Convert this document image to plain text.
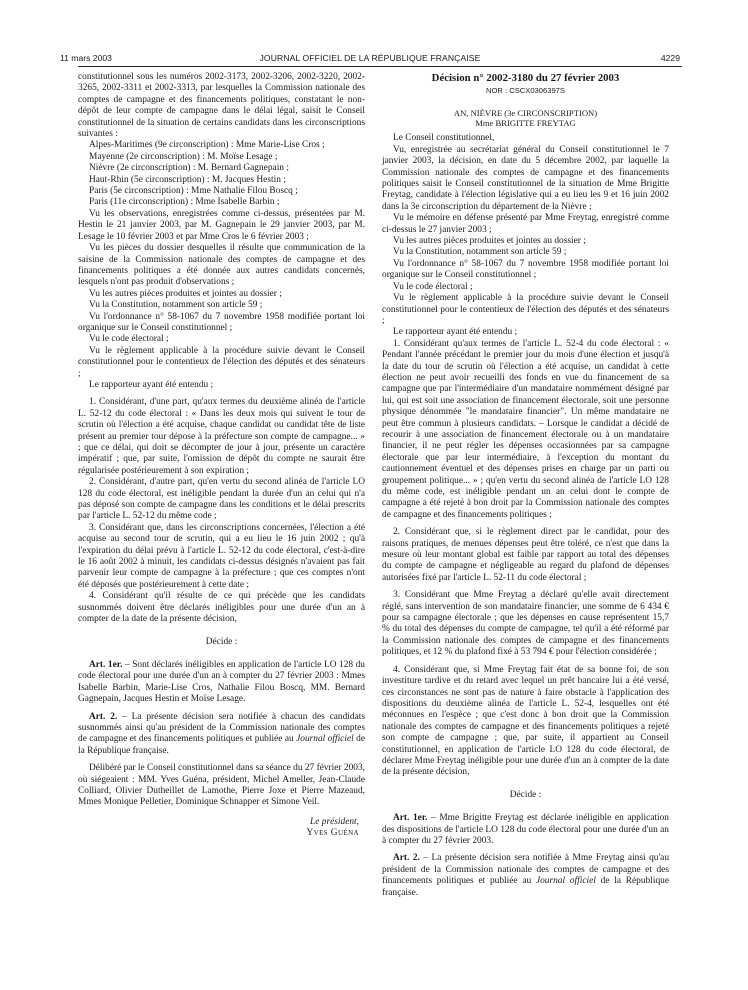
11 mars 2003	JOURNAL OFFICIEL DE LA RÉPUBLIQUE FRANÇAISE	4229

constitutionnel sous les numéros 2002-3173, 2002-3206, 2002-3220, 2002-3265, 2002-3311 et 2002-3313, par lesquelles la Commission nationale des comptes de campagne et des financements politiques, constatant le non-dépôt de leur compte de campagne dans le délai légal, saisit le Conseil constitutionnel de la situation de certains candidats dans les circonscriptions suivantes :

Alpes-Maritimes (9e circonscription) : Mme Marie-Lise Cros ;
Mayenne (2e circonscription) : M. Moïse Lesage ;
Nièvre (2e circonscription) : M. Bernard Gagnepain ;
Haut-Rhin (5e circonscription) : M. Jacques Hestin ;
Paris (5e circonscription) : Mme Nathalie Filou Boscq ;
Paris (11e circonscription) : Mme Isabelle Barbin ;

Vu les observations, enregistrées comme ci-dessus, présentées par M. Hestin le 21 janvier 2003, par M. Gagnepain le 29 janvier 2003, par M. Lesage le 10 février 2003 et par Mme Cros le 6 février 2003 ;

Vu les pièces du dossier desquelles il résulte que communication de la saisine de la Commission nationale des comptes de campagne et des financements politiques a été donnée aux autres candidats concernés, lesquels n'ont pas produit d'observations ;

Vu les autres pièces produites et jointes au dossier ;

Vu la Constitution, notamment son article 59 ;

Vu l'ordonnance n° 58-1067 du 7 novembre 1958 modifiée portant loi organique sur le Conseil constitutionnel ;

Vu le code électoral ;

Vu le règlement applicable à la procédure suivie devant le Conseil constitutionnel pour le contentieux de l'élection des députés et des sénateurs ;

Le rapporteur ayant été entendu ;

1. Considérant, d'une part, qu'aux termes du deuxième alinéa de l'article L. 52-12 du code électoral : « Dans les deux mois qui suivent le tour de scrutin où l'élection a été acquise, chaque candidat ou candidat tête de liste présent au premier tour dépose à la préfecture son compte de campagne... » ; que ce délai, qui doit se décompter de jour à jour, présente un caractère impératif ; que, par suite, l'omission de dépôt du compte ne saurait être régularisée postérieurement à son expiration ;

2. Considérant, d'autre part, qu'en vertu du second alinéa de l'article LO 128 du code électoral, est inéligible pendant la durée d'un an celui qui n'a pas déposé son compte de campagne dans les conditions et le délai prescrits par l'article L. 52-12 du même code ;

3. Considérant que, dans les circonscriptions concernées, l'élection a été acquise au second tour de scrutin, qui a eu lieu le 16 juin 2002 ; qu'à l'expiration du délai prévu à l'article L. 52-12 du code électoral, c'est-à-dire le 16 août 2002 à minuit, les candidats ci-dessus désignés n'avaient pas fait parvenir leur compte de campagne à la préfecture ; que ces comptes n'ont été déposés que postérieurement à cette date ;

4. Considérant qu'il résulte de ce qui précède que les candidats susnommés doivent être déclarés inéligibles pour une durée d'un an à compter de la date de la présente décision,

Décide :

Art. 1er. – Sont déclarés inéligibles en application de l'article LO 128 du code électoral pour une durée d'un an à compter du 27 février 2003 : Mmes Isabelle Barbin, Marie-Lise Cros, Nathalie Filou Boscq, MM. Bernard Gagnepain, Jacques Hestin et Moïse Lesage.

Art. 2. – La présente décision sera notifiée à chacun des candidats susnommés ainsi qu'au président de la Commission nationale des comptes de campagne et des financements politiques et publiée au Journal officiel de la République française.

Délibéré par le Conseil constitutionnel dans sa séance du 27 février 2003, où siégeaient : MM. Yves Guéna, président, Michel Ameller, Jean-Claude Colliard, Olivier Dutheillet de Lamothe, Pierre Joxe et Pierre Mazeaud, Mmes Monique Pelletier, Dominique Schnapper et Simone Veil.

Le président,
Yves Guéna
Décision n° 2002-3180 du 27 février 2003
NOR : CSCX0306397S
AN, NIÈVRE (3e CIRCONSCRIPTION)
Mme BRIGITTE FREYTAG

Le Conseil constitutionnel,

Vu, enregistrée au secrétariat général du Conseil constitutionnel le 7 janvier 2003, la décision, en date du 5 décembre 2002, par laquelle la Commission nationale des comptes de campagne et des financements politiques saisit le Conseil constitutionnel de la situation de Mme Brigitte Freytag, candidate à l'élection législative qui a eu lieu les 9 et 16 juin 2002 dans la 3e circonscription du département de la Nièvre ;

Vu le mémoire en défense présenté par Mme Freytag, enregistré comme ci-dessus le 27 janvier 2003 ;

Vu les autres pièces produites et jointes au dossier ;

Vu la Constitution, notamment son article 59 ;

Vu l'ordonnance n° 58-1067 du 7 novembre 1958 modifiée portant loi organique sur le Conseil constitutionnel ;

Vu le code électoral ;

Vu le règlement applicable à la procédure suivie devant le Conseil constitutionnel pour le contentieux de l'élection des députés et des sénateurs ;

Le rapporteur ayant été entendu ;

1. Considérant qu'aux termes de l'article L. 52-4 du code électoral : « Pendant l'année précédant le premier jour du mois d'une élection et jusqu'à la date du tour de scrutin où l'élection a été acquise, un candidat à cette élection ne peut avoir recueilli des fonds en vue du financement de sa campagne que par l'intermédiaire d'un mandataire nommément désigné par lui, qui est soit une association de financement électorale, soit une personne physique dénommée "le mandataire financier". Un même mandataire ne peut être commun à plusieurs candidats. – Lorsque le candidat a décidé de recourir à une association de financement électorale ou à un mandataire financier, il ne peut régler les dépenses occasionnées par sa campagne électorale que par leur intermédiaire, à l'exception du montant du cautionnement éventuel et des dépenses prises en charge par un parti ou groupement politique... » ; qu'en vertu du second alinéa de l'article LO 128 du même code, est inéligible pendant un an celui dont le compte de campagne a été rejeté à bon droit par la Commission nationale des comptes de campagne et des financements politiques ;

2. Considérant que, si le règlement direct par le candidat, pour des raisons pratiques, de menues dépenses peut être toléré, ce n'est que dans la mesure où leur montant global est faible par rapport au total des dépenses du compte de campagne et négligeable au regard du plafond de dépenses autorisées fixé par l'article L. 52-11 du code électoral ;

3. Considérant que Mme Freytag a déclaré qu'elle avait directement réglé, sans intervention de son mandataire financier, une somme de 6 434 € pour sa campagne électorale ; que les dépenses en cause représentent 15,7 % du total des dépenses du compte de campagne, tel qu'il a été réformé par la Commission nationale des comptes de campagne et des financements politiques, et 12 % du plafond fixé à 53 794 € pour l'élection considérée ;

4. Considérant que, si Mme Freytag fait état de sa bonne foi, de son investiture tardive et du retard avec lequel un prêt bancaire lui a été versé, ces circonstances ne sont pas de nature à faire obstacle à l'application des dispositions du deuxième alinéa de l'article L. 52-4, lesquelles ont été méconnues en l'espèce ; que c'est donc à bon droit que la Commission nationale des comptes de campagne et des financements politiques a rejeté son compte de campagne ; que, par suite, il appartient au Conseil constitutionnel, en application de l'article LO 128 du code électoral, de déclarer Mme Freytag inéligible pour une durée d'un an à compter de la date de la présente décision,

Décide :

Art. 1er. – Mme Brigitte Freytag est déclarée inéligible en application des dispositions de l'article LO 128 du code électoral pour une durée d'un an à compter du 27 février 2003.

Art. 2. – La présente décision sera notifiée à Mme Freytag ainsi qu'au président de la Commission nationale des comptes de campagne et des financements politiques et publiée au Journal officiel de la République française.
